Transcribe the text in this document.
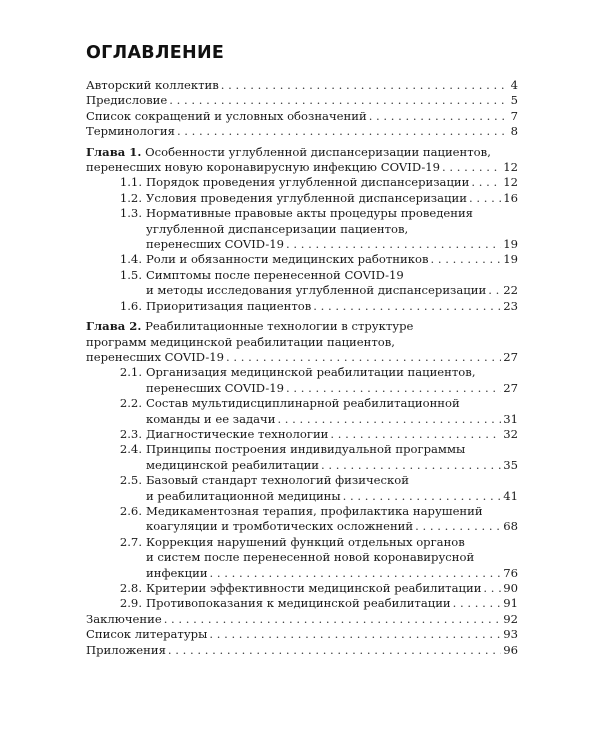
ОГЛАВЛЕНИЕ
Авторский коллектив . . .	4
Предисловие . . .	5
Список сокращений и условных обозначений . . .	7
Терминология . . .	8
Глава 1. Особенности углубленной диспансеризации пациентов,
перенесших новую коронавирусную инфекцию COVID-19 . . .	12
1.1. Порядок проведения углубленной диспансеризации . . .	12
1.2. Условия проведения углубленной диспансеризации . . .	16
1.3. Нормативные правовые акты процедуры проведения
углубленной диспансеризации пациентов,
перенесших COVID-19 . . .	19
1.4. Роли и обязанности медицинских работников . . .	19
1.5. Симптомы после перенесенной COVID-19
и методы исследования углубленной диспансеризации . . . 22
1.6. Приоритизация пациентов . . .	23
Глава 2. Реабилитационные технологии в структуре
программ медицинской реабилитации пациентов,
перенесших COVID-19 . . .	27
2.1. Организация медицинской реабилитации пациентов,
перенесших COVID-19 . . .	27
2.2. Состав мультидисциплинарной реабилитационной
команды и ее задачи . . .	31
2.3. Диагностические технологии . . .	32
2.4. Принципы построения индивидуальной программы
медицинской реабилитации . . .	35
2.5. Базовый стандарт технологий физической
и реабилитационной медицины . . .	41
2.6. Медикаментозная терапия, профилактика нарушений
коагуляции и тромботических осложнений . . .	68
2.7. Коррекция нарушений функций отдельных органов
и систем после перенесенной новой коронавирусной
инфекции . . .	76
2.8. Критерии эффективности медицинской реабилитации . . . 90
2.9. Противопоказания к медицинской реабилитации . . .	91
Заключение . . .	92
Список литературы . . .	93
Приложения . . .	96
